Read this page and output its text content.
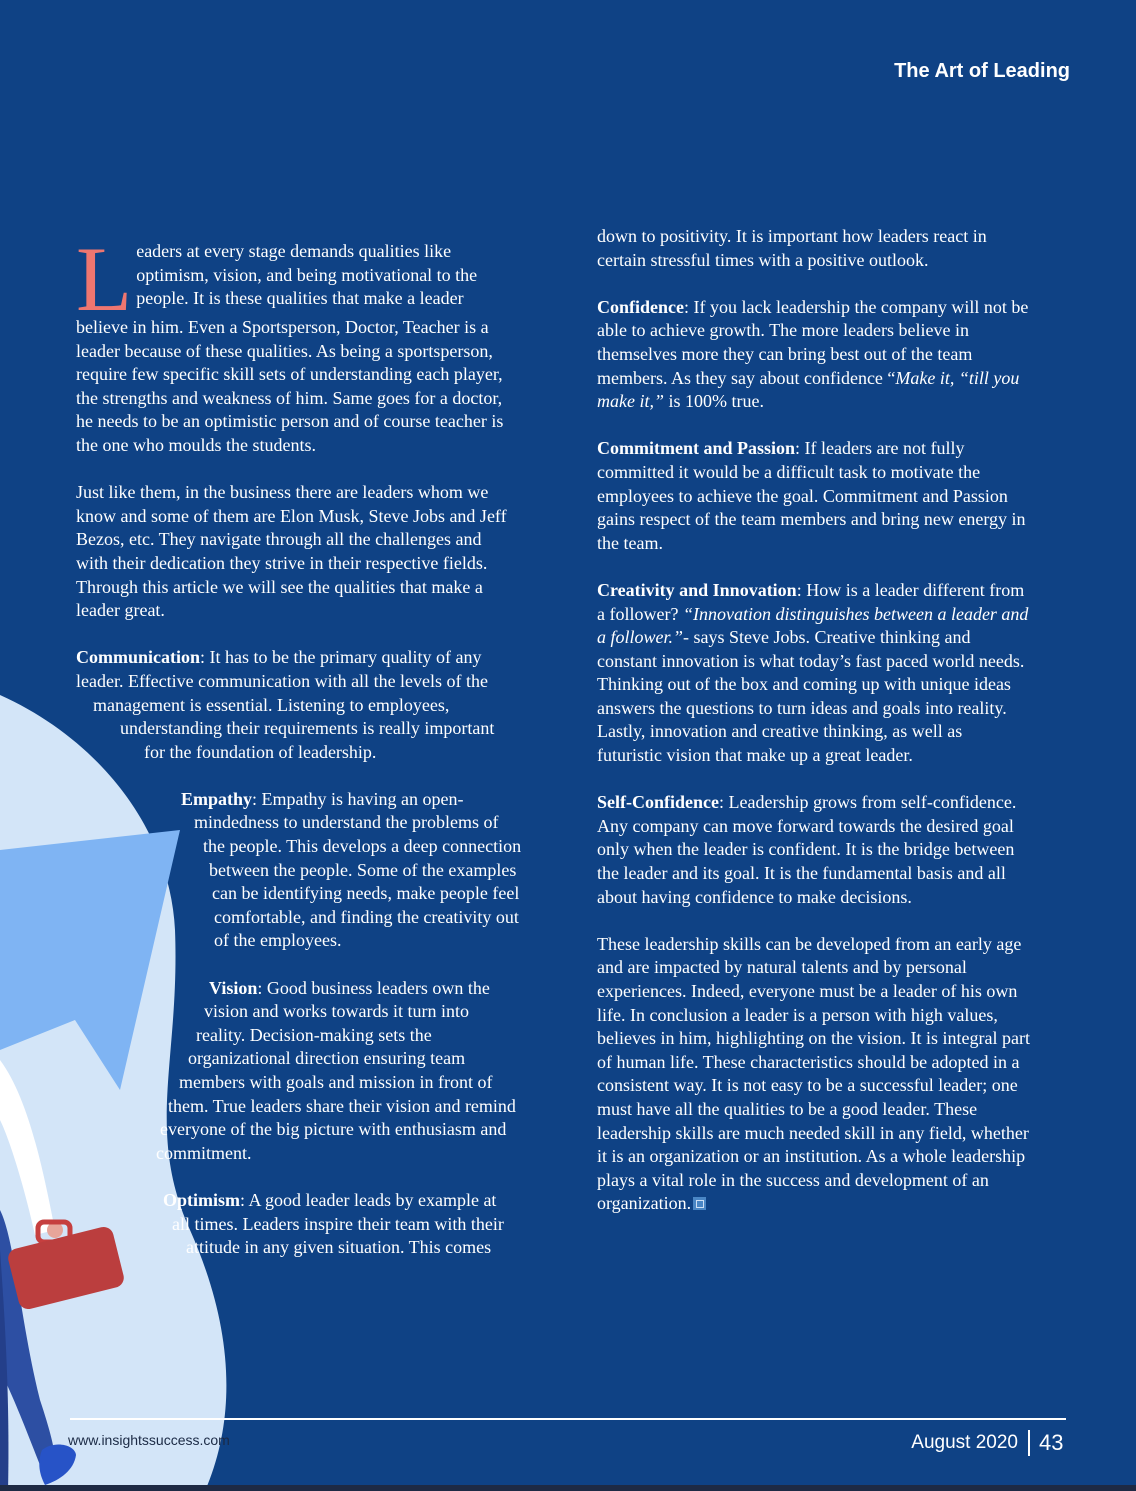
The Art of Leading
L eaders at every stage demands qualities like
optimism, vision, and being motivational to the
people. It is these qualities that make a leader
believe in him. Even a Sportsperson, Doctor, Teacher is a
leader because of these qualities. As being a sportsperson,
require few specific skill sets of understanding each player,
the strengths and weakness of him. Same goes for a doctor,
he needs to be an optimistic person and of course teacher is
the one who moulds the students.
Just like them, in the business there are leaders whom we
know and some of them are Elon Musk, Steve Jobs and Jeff
Bezos, etc. They navigate through all the challenges and
with their dedication they strive in their respective fields.
Through this article we will see the qualities that make a
leader great.
Communication: It has to be the primary quality of any
leader. Effective communication with all the levels of the
management is essential. Listening to employees,
understanding their requirements is really important
for the foundation of leadership.
Empathy: Empathy is having an open-
mindedness to understand the problems of
the people. This develops a deep connection
between the people. Some of the examples
can be identifying needs, make people feel
comfortable, and finding the creativity out
of the employees.
Vision: Good business leaders own the
vision and works towards it turn into
reality. Decision-making sets the
organizational direction ensuring team
members with goals and mission in front of
them. True leaders share their vision and remind
everyone of the big picture with enthusiasm and
commitment.
Optimism: A good leader leads by example at
all times. Leaders inspire their team with their
attitude in any given situation. This comes
down to positivity. It is important how leaders react in
certain stressful times with a positive outlook.
Confidence: If you lack leadership the company will not be
able to achieve growth. The more leaders believe in
themselves more they can bring best out of the team
members. As they say about confidence “Make it, “till you
make it,” is 100% true.
Commitment and Passion: If leaders are not fully
committed it would be a difficult task to motivate the
employees to achieve the goal. Commitment and Passion
gains respect of the team members and bring new energy in
the team.
Creativity and Innovation: How is a leader different from
a follower? “Innovation distinguishes between a leader and
a follower.”- says Steve Jobs. Creative thinking and
constant innovation is what today’s fast paced world needs.
Thinking out of the box and coming up with unique ideas
answers the questions to turn ideas and goals into reality.
Lastly, innovation and creative thinking, as well as
futuristic vision that make up a great leader.
Self-Confidence: Leadership grows from self-confidence.
Any company can move forward towards the desired goal
only when the leader is confident. It is the bridge between
the leader and its goal. It is the fundamental basis and all
about having confidence to make decisions.
These leadership skills can be developed from an early age
and are impacted by natural talents and by personal
experiences. Indeed, everyone must be a leader of his own
life. In conclusion a leader is a person with high values,
believes in him, highlighting on the vision. It is integral part
of human life. These characteristics should be adopted in a
consistent way. It is not easy to be a successful leader; one
must have all the qualities to be a good leader. These
leadership skills are much needed skill in any field, whether
it is an organization or an institution. As a whole leadership
plays a vital role in the success and development of an
organization.
www.insightssuccess.com	August 2020 43
